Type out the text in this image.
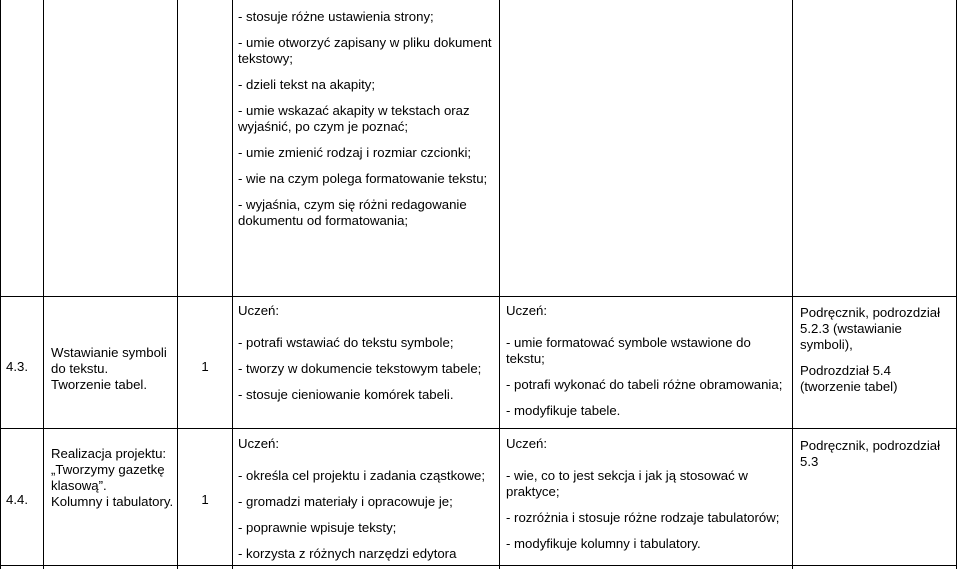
- stosuje różne ustawienia strony;

- umie otworzyć zapisany w pliku dokument tekstowy;

- dzieli tekst na akapity;

- umie wskazać akapity w tekstach oraz wyjaśnić, po czym je poznać;

- umie zmienić rodzaj i rozmiar czcionki;

- wie na czym polega formatowanie tekstu;

- wyjaśnia, czym się różni redagowanie dokumentu od formatowania;

4.3.

Wstawianie symboli do tekstu.

Tworzenie tabel.

1

Uczeń:

- potrafi wstawiać do tekstu symbole;

- tworzy w dokumencie tekstowym tabele;

- stosuje cieniowanie komórek tabeli.

Uczeń:

- umie formatować symbole wstawione do tekstu;

- potrafi wykonać do tabeli różne obramowania;

- modyfikuje tabele.

Podręcznik, podrozdział 5.2.3 (wstawianie symboli),

Podrozdział 5.4 (tworzenie tabel)

4.4.

Realizacja projektu: „Tworzymy gazetkę klasową”.

Kolumny i tabulatory.	1

Uczeń:

- określa cel projektu i zadania cząstkowe;

- gromadzi materiały i opracowuje je;

- poprawnie wpisuje teksty;

- korzysta z różnych narzędzi edytora

Uczeń:

- wie, co to jest sekcja i jak ją stosować w praktyce;

- rozróżnia i stosuje różne rodzaje tabulatorów;

- modyfikuje kolumny i tabulatory.

Podręcznik, podrozdział 5.3
